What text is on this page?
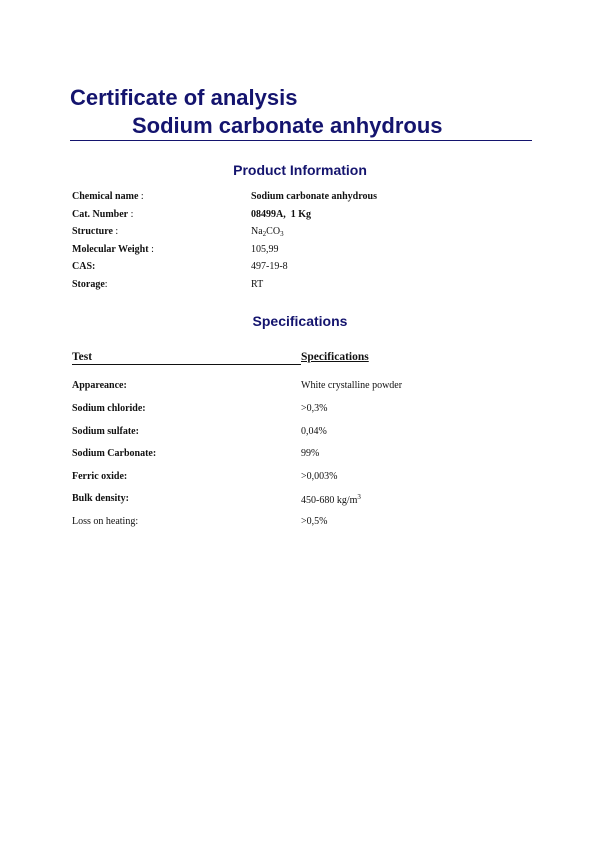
Certificate of analysis
Sodium carbonate anhydrous
Product Information
Chemical name :	Sodium carbonate anhydrous
Cat. Number :	08499A,  1 Kg
Structure :	$Na_2CO_3$
Molecular Weight :	105,99
CAS:	497-19-8
Storage:	RT
Specifications
Test	Specifications
Appareance:	White crystalline powder
Sodium chloride:	>0,3%
Sodium sulfate:	0,04%
Sodium Carbonate:	99%
Ferric oxide:	>0,003%
Bulk density:	450-680 $kg/m^3$
Loss on heating:	>0,5%
